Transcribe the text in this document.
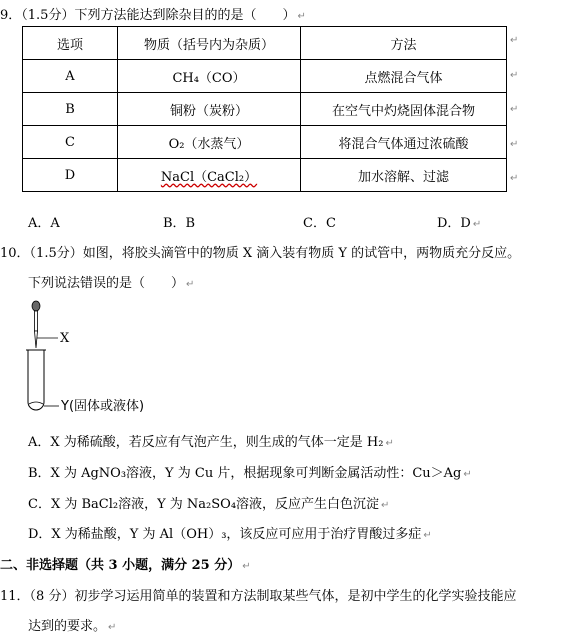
9．（1.5分）下列方法能达到除杂目的的是（　　） ↵
选项	物质（括号内为杂质）	方法
A	CH₄（CO）	点燃混合气体
B	铜粉（炭粉）	在空气中灼烧固体混合物
C	O₂（水蒸气）	将混合气体通过浓硫酸
D	NaCl（CaCl₂）	加水溶解、过滤
↵
↵
↵
↵
↵
A．A	B．B	C．C	D．D ↵
10．（1.5分）如图，将胶头滴管中的物质 X 滴入装有物质 Y 的试管中，两物质充分反应。
下列说法错误的是（　　） ↵
X
Y(固体或液体)
A．X 为稀硫酸，若反应有气泡产生，则生成的气体一定是 H₂ ↵
B．X 为 AgNO₃溶液，Y 为 Cu 片，根据现象可判断金属活动性：Cu＞Ag ↵
C．X 为 BaCl₂溶液，Y 为 Na₂SO₄溶液，反应产生白色沉淀 ↵
D．X 为稀盐酸，Y 为 Al（OH）₃，该反应可应用于治疗胃酸过多症 ↵
二、非选择题（共 3 小题，满分 25 分） ↵
11．（8 分）初步学习运用简单的装置和方法制取某些气体，是初中学生的化学实验技能应
达到的要求。 ↵
